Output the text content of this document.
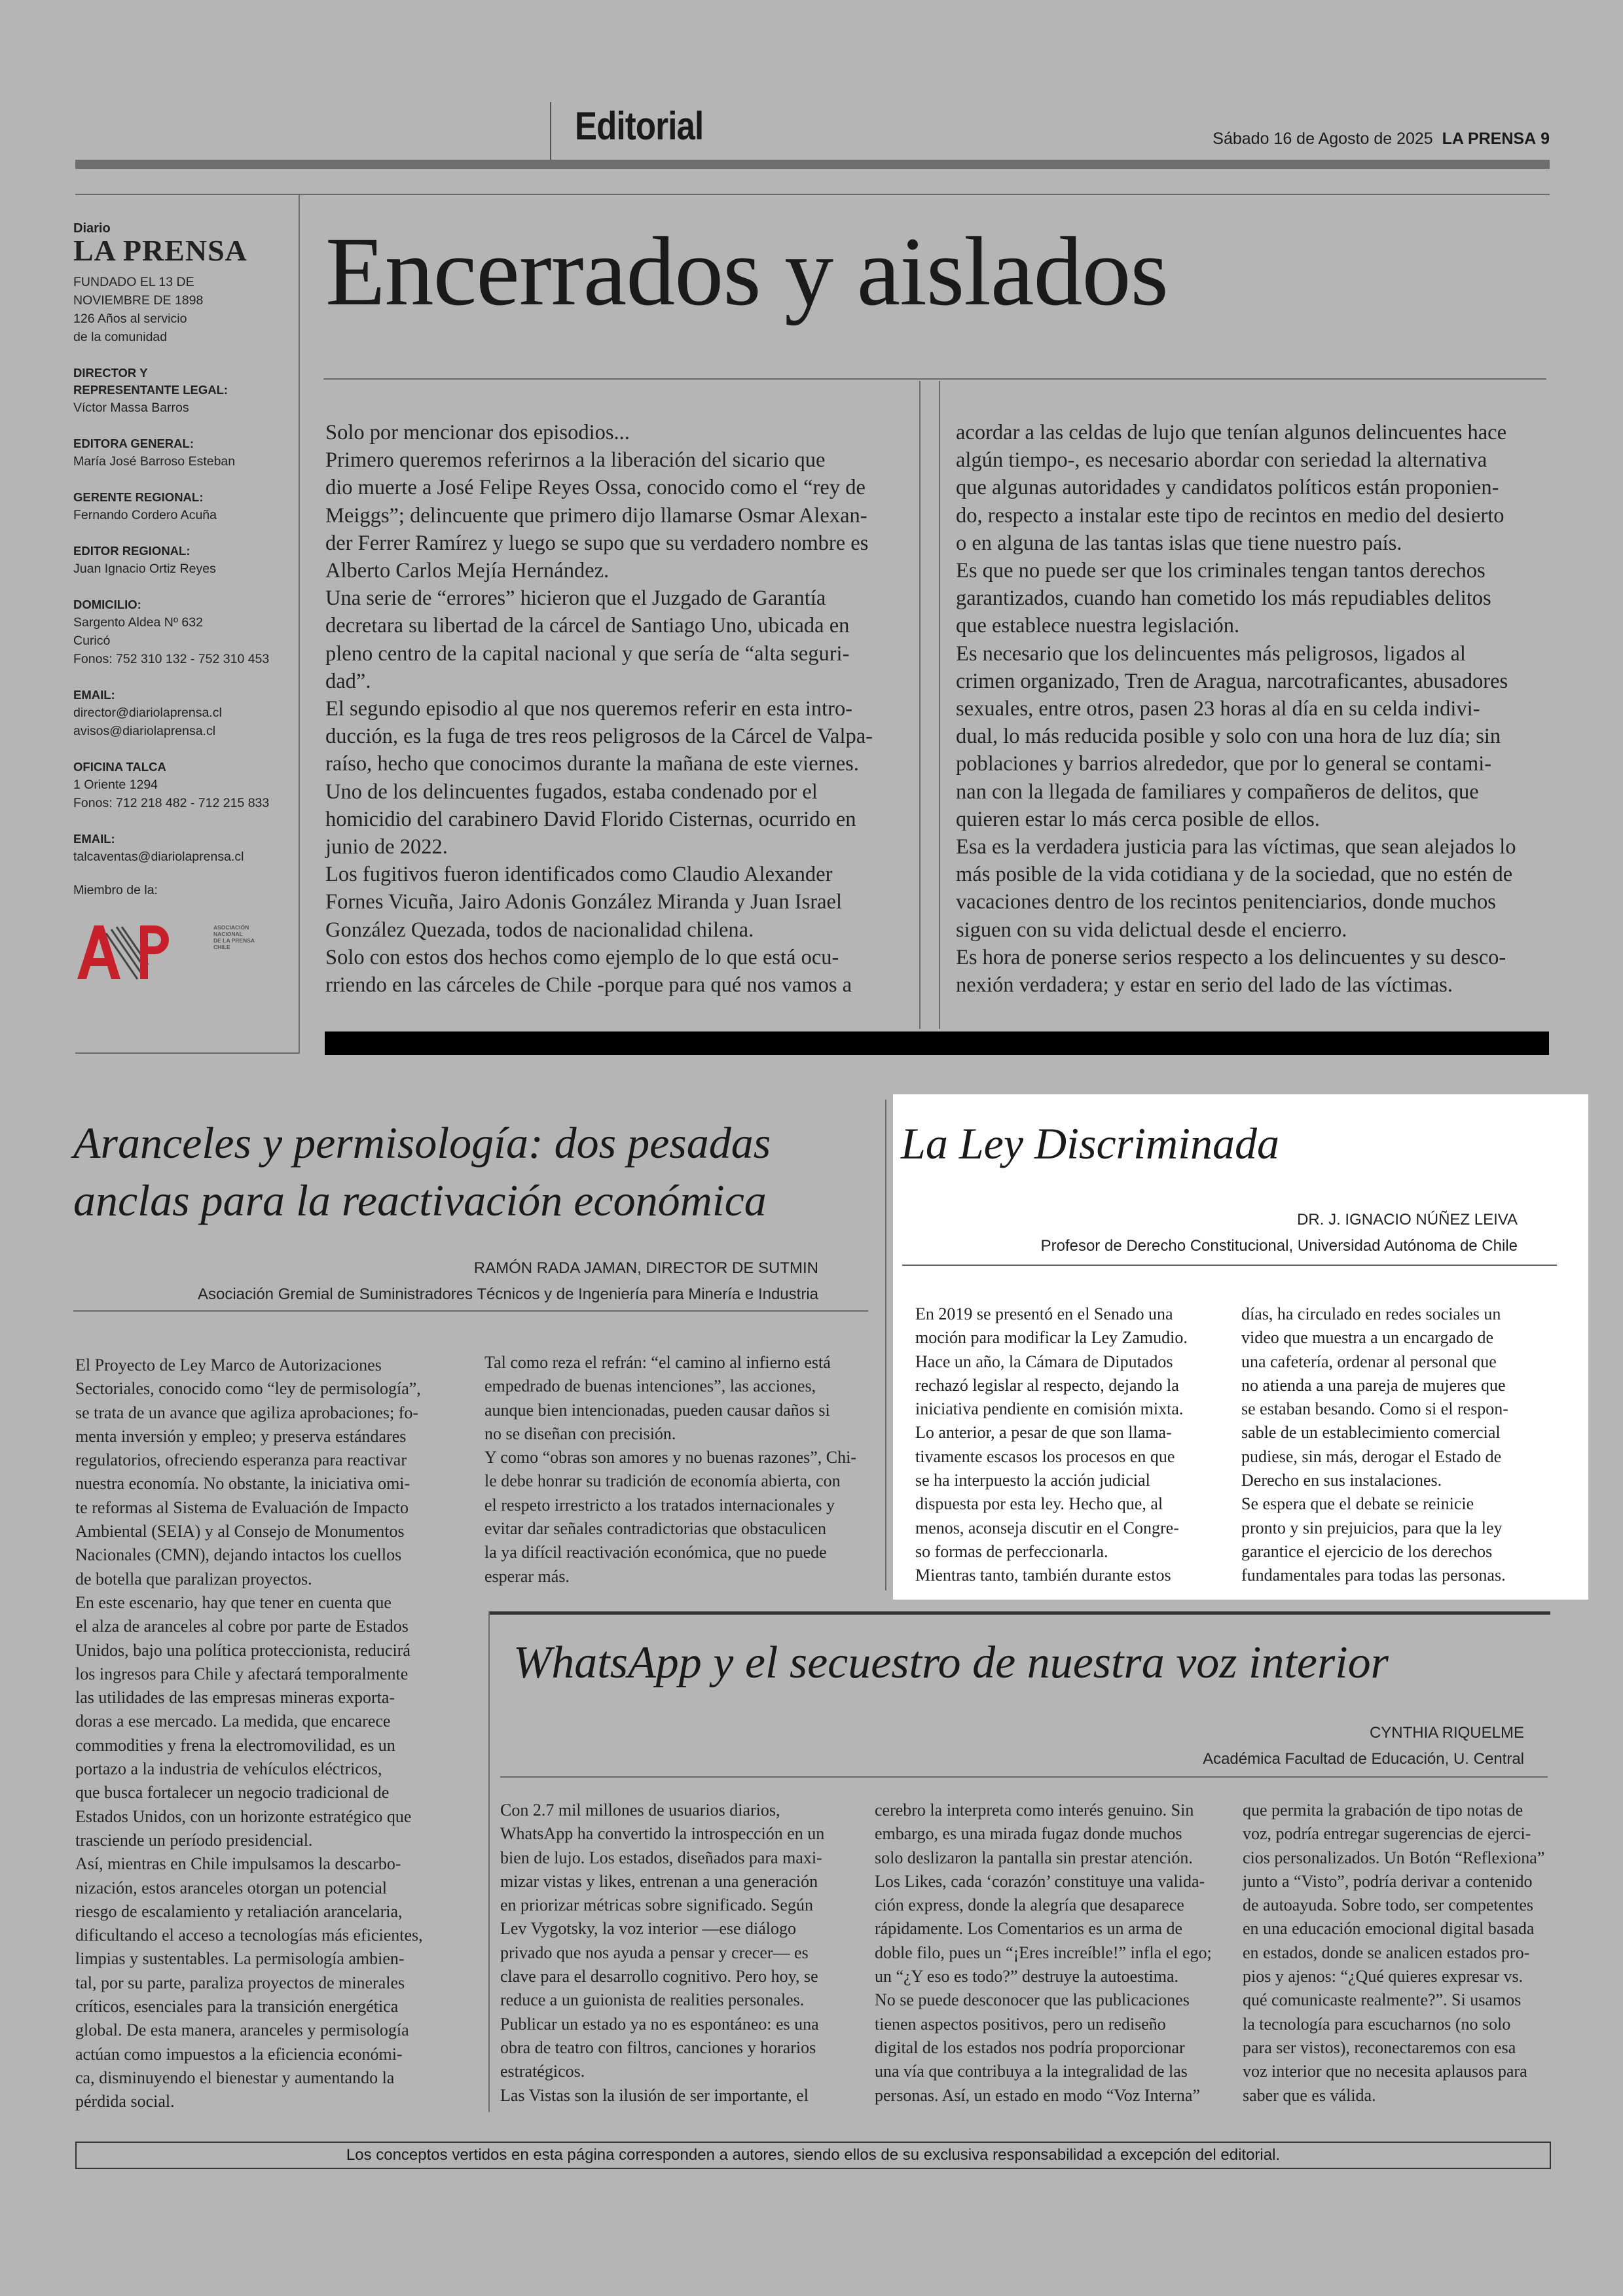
Editorial	Sábado 16 de Agosto de 2025 LA PRENSA 9
Diario
LA PRENSA
FUNDADO EL 13 DE
NOVIEMBRE DE 1898
126 Años al servicio
de la comunidad
DIRECTOR Y
REPRESENTANTE LEGAL:
Víctor Massa Barros
EDITORA GENERAL:
María José Barroso Esteban
GERENTE REGIONAL:
Fernando Cordero Acuña
EDITOR REGIONAL:
Juan Ignacio Ortiz Reyes
DOMICILIO:
Sargento Aldea Nº 632
Curicó
Fonos: 752 310 132 - 752 310 453
EMAIL:
director@diariolaprensa.cl
avisos@diariolaprensa.cl
OFICINA TALCA
1 Oriente 1294
Fonos: 712 218 482 - 712 215 833
EMAIL:
talcaventas@diariolaprensa.cl
Miembro de la:
ASOCIACIÓN
NACIONAL
DE LA PRENSA
CHILE
Encerrados y aislados
Solo por mencionar dos episodios...
Primero queremos referirnos a la liberación del sicario que
dio muerte a José Felipe Reyes Ossa, conocido como el “rey de
Meiggs”; delincuente que primero dijo llamarse Osmar Alexan-
der Ferrer Ramírez y luego se supo que su verdadero nombre es
Alberto Carlos Mejía Hernández.
Una serie de “errores” hicieron que el Juzgado de Garantía
decretara su libertad de la cárcel de Santiago Uno, ubicada en
pleno centro de la capital nacional y que sería de “alta seguri-
dad”.
El segundo episodio al que nos queremos referir en esta intro-
ducción, es la fuga de tres reos peligrosos de la Cárcel de Valpa-
raíso, hecho que conocimos durante la mañana de este viernes.
Uno de los delincuentes fugados, estaba condenado por el
homicidio del carabinero David Florido Cisternas, ocurrido en
junio de 2022.
Los fugitivos fueron identificados como Claudio Alexander
Fornes Vicuña, Jairo Adonis González Miranda y Juan Israel
González Quezada, todos de nacionalidad chilena.
Solo con estos dos hechos como ejemplo de lo que está ocu-
rriendo en las cárceles de Chile -porque para qué nos vamos a
acordar a las celdas de lujo que tenían algunos delincuentes hace
algún tiempo-, es necesario abordar con seriedad la alternativa
que algunas autoridades y candidatos políticos están proponien-
do, respecto a instalar este tipo de recintos en medio del desierto
o en alguna de las tantas islas que tiene nuestro país.
Es que no puede ser que los criminales tengan tantos derechos
garantizados, cuando han cometido los más repudiables delitos
que establece nuestra legislación.
Es necesario que los delincuentes más peligrosos, ligados al
crimen organizado, Tren de Aragua, narcotraficantes, abusadores
sexuales, entre otros, pasen 23 horas al día en su celda indivi-
dual, lo más reducida posible y solo con una hora de luz día; sin
poblaciones y barrios alrededor, que por lo general se contami-
nan con la llegada de familiares y compañeros de delitos, que
quieren estar lo más cerca posible de ellos.
Esa es la verdadera justicia para las víctimas, que sean alejados lo
más posible de la vida cotidiana y de la sociedad, que no estén de
vacaciones dentro de los recintos penitenciarios, donde muchos
siguen con su vida delictual desde el encierro.
Es hora de ponerse serios respecto a los delincuentes y su desco-
nexión verdadera; y estar en serio del lado de las víctimas.
Aranceles y permisología: dos pesadas
anclas para la reactivación económica
RAMÓN RADA JAMAN, DIRECTOR DE SUTMIN
Asociación Gremial de Suministradores Técnicos y de Ingeniería para Minería e Industria
El Proyecto de Ley Marco de Autorizaciones
Sectoriales, conocido como “ley de permisología”,
se trata de un avance que agiliza aprobaciones; fo-
menta inversión y empleo; y preserva estándares
regulatorios, ofreciendo esperanza para reactivar
nuestra economía. No obstante, la iniciativa omi-
te reformas al Sistema de Evaluación de Impacto
Ambiental (SEIA) y al Consejo de Monumentos
Nacionales (CMN), dejando intactos los cuellos
de botella que paralizan proyectos.
En este escenario, hay que tener en cuenta que
el alza de aranceles al cobre por parte de Estados
Unidos, bajo una política proteccionista, reducirá
los ingresos para Chile y afectará temporalmente
las utilidades de las empresas mineras exporta-
doras a ese mercado. La medida, que encarece
commodities y frena la electromovilidad, es un
portazo a la industria de vehículos eléctricos,
que busca fortalecer un negocio tradicional de
Estados Unidos, con un horizonte estratégico que
trasciende un período presidencial.
Así, mientras en Chile impulsamos la descarbo-
nización, estos aranceles otorgan un potencial
riesgo de escalamiento y retaliación arancelaria,
dificultando el acceso a tecnologías más eficientes,
limpias y sustentables. La permisología ambien-
tal, por su parte, paraliza proyectos de minerales
críticos, esenciales para la transición energética
global. De esta manera, aranceles y permisología
actúan como impuestos a la eficiencia económi-
ca, disminuyendo el bienestar y aumentando la
pérdida social.
Tal como reza el refrán: “el camino al infierno está
empedrado de buenas intenciones”, las acciones,
aunque bien intencionadas, pueden causar daños si
no se diseñan con precisión.
Y como “obras son amores y no buenas razones”, Chi-
le debe honrar su tradición de economía abierta, con
el respeto irrestricto a los tratados internacionales y
evitar dar señales contradictorias que obstaculicen
la ya difícil reactivación económica, que no puede
esperar más.
La Ley Discriminada
DR. J. IGNACIO NÚÑEZ LEIVA
Profesor de Derecho Constitucional, Universidad Autónoma de Chile
En 2019 se presentó en el Senado una
moción para modificar la Ley Zamudio.
Hace un año, la Cámara de Diputados
rechazó legislar al respecto, dejando la
iniciativa pendiente en comisión mixta.
Lo anterior, a pesar de que son llama-
tivamente escasos los procesos en que
se ha interpuesto la acción judicial
dispuesta por esta ley. Hecho que, al
menos, aconseja discutir en el Congre-
so formas de perfeccionarla.
Mientras tanto, también durante estos
días, ha circulado en redes sociales un
video que muestra a un encargado de
una cafetería, ordenar al personal que
no atienda a una pareja de mujeres que
se estaban besando. Como si el respon-
sable de un establecimiento comercial
pudiese, sin más, derogar el Estado de
Derecho en sus instalaciones.
Se espera que el debate se reinicie
pronto y sin prejuicios, para que la ley
garantice el ejercicio de los derechos
fundamentales para todas las personas.
WhatsApp y el secuestro de nuestra voz interior
CYNTHIA RIQUELME
Académica Facultad de Educación, U. Central
Con 2.7 mil millones de usuarios diarios,
WhatsApp ha convertido la introspección en un
bien de lujo. Los estados, diseñados para maxi-
mizar vistas y likes, entrenan a una generación
en priorizar métricas sobre significado. Según
Lev Vygotsky, la voz interior —ese diálogo
privado que nos ayuda a pensar y crecer— es
clave para el desarrollo cognitivo. Pero hoy, se
reduce a un guionista de realities personales.
Publicar un estado ya no es espontáneo: es una
obra de teatro con filtros, canciones y horarios
estratégicos.
Las Vistas son la ilusión de ser importante, el
cerebro la interpreta como interés genuino. Sin
embargo, es una mirada fugaz donde muchos
solo deslizaron la pantalla sin prestar atención.
Los Likes, cada ‘corazón’ constituye una valida-
ción express, donde la alegría que desaparece
rápidamente. Los Comentarios es un arma de
doble filo, pues un “¡Eres increíble!” infla el ego;
un “¿Y eso es todo?” destruye la autoestima.
No se puede desconocer que las publicaciones
tienen aspectos positivos, pero un rediseño
digital de los estados nos podría proporcionar
una vía que contribuya a la integralidad de las
personas. Así, un estado en modo “Voz Interna”
que permita la grabación de tipo notas de
voz, podría entregar sugerencias de ejerci-
cios personalizados. Un Botón “Reflexiona”
junto a “Visto”, podría derivar a contenido
de autoayuda. Sobre todo, ser competentes
en una educación emocional digital basada
en estados, donde se analicen estados pro-
pios y ajenos: “¿Qué quieres expresar vs.
qué comunicaste realmente?”. Si usamos
la tecnología para escucharnos (no solo
para ser vistos), reconectaremos con esa
voz interior que no necesita aplausos para
saber que es válida.
Los conceptos vertidos en esta página corresponden a autores, siendo ellos de su exclusiva responsabilidad a excepción del editorial.
